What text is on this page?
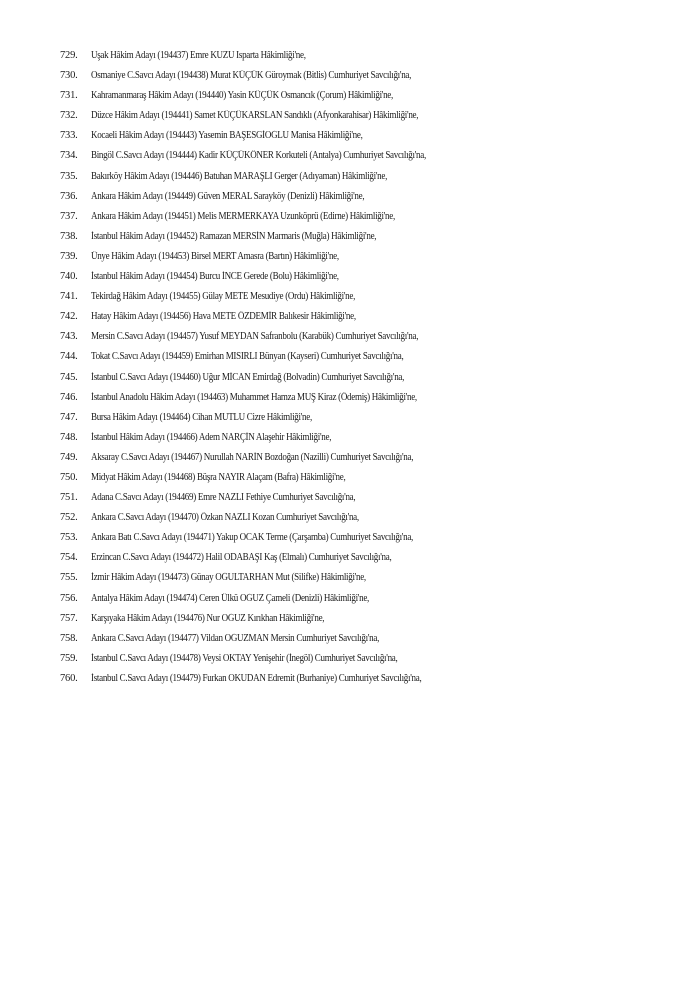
729.	Uşak Hâkim Adayı (194437) Emre KUZU Isparta Hâkimliği'ne,
730.	Osmaniye C.Savcı Adayı (194438) Murat KÜÇÜK Güroymak (Bitlis) Cumhuriyet Savcılığı'na,
731.	Kahramanmaraş Hâkim Adayı (194440) Yasin KÜÇÜK Osmancık (Çorum) Hâkimliği'ne,
732.	Düzce Hâkim Adayı (194441) Samet KÜÇÜKARSLAN Sandıklı (Afyonkarahisar) Hâkimliği'ne,
733.	Kocaeli Hâkim Adayı (194443) Yasemin BAŞESGİOĞLU Manisa Hâkimliği'ne,
734.	Bingöl C.Savcı Adayı (194444) Kadir KÜÇÜKÖNER Korkuteli (Antalya) Cumhuriyet Savcılığı'na,
735.	Bakırköy Hâkim Adayı (194446) Batuhan MARAŞLI Gerger (Adıyaman) Hâkimliği'ne,
736.	Ankara Hâkim Adayı (194449) Güven MERAL Sarayköy (Denizli) Hâkimliği'ne,
737.	Ankara Hâkim Adayı (194451) Melis MERMERKAYA Uzunköprü (Edirne) Hâkimliği'ne,
738.	İstanbul Hâkim Adayı (194452) Ramazan MERSİN Marmaris (Muğla) Hâkimliği'ne,
739.	Ünye Hâkim Adayı (194453) Birsel MERT Amasra (Bartın) Hâkimliği'ne,
740.	İstanbul Hâkim Adayı (194454) Burcu İNCE Gerede (Bolu) Hâkimliği'ne,
741.	Tekirdağ Hâkim Adayı (194455) Gülay METE Mesudiye (Ordu) Hâkimliği'ne,
742.	Hatay Hâkim Adayı (194456) Hava METE ÖZDEMİR Balıkesir Hâkimliği'ne,
743.	Mersin C.Savcı Adayı (194457) Yusuf MEYDAN Safranbolu (Karabük) Cumhuriyet Savcılığı'na,
744.	Tokat C.Savcı Adayı (194459) Emirhan MISIRLI Bünyan (Kayseri) Cumhuriyet Savcılığı'na,
745.	İstanbul C.Savcı Adayı (194460) Uğur MİCAN Emirdağ (Bolvadin) Cumhuriyet Savcılığı'na,
746.	İstanbul Anadolu Hâkim Adayı (194463) Muhammet Hamza MUŞ Kiraz (Ödemiş) Hâkimliği'ne,
747.	Bursa Hâkim Adayı (194464) Cihan MUTLU Cizre Hâkimliği'ne,
748.	İstanbul Hâkim Adayı (194466) Adem NARÇİN Alaşehir Hâkimliği'ne,
749.	Aksaray C.Savcı Adayı (194467) Nurullah NARİN Bozdoğan (Nazilli) Cumhuriyet Savcılığı'na,
750.	Midyat Hâkim Adayı (194468) Büşra NAYIR Alaçam (Bafra) Hâkimliği'ne,
751.	Adana C.Savcı Adayı (194469) Emre NAZLI Fethiye Cumhuriyet Savcılığı'na,
752.	Ankara C.Savcı Adayı (194470) Özkan NAZLI Kozan Cumhuriyet Savcılığı'na,
753.	Ankara Batı C.Savcı Adayı (194471) Yakup OCAK Terme (Çarşamba) Cumhuriyet Savcılığı'na,
754.	Erzincan C.Savcı Adayı (194472) Halil ODABAŞI Kaş (Elmalı) Cumhuriyet Savcılığı'na,
755.	İzmir Hâkim Adayı (194473) Günay OĞULTARHAN Mut (Silifke) Hâkimliği'ne,
756.	Antalya Hâkim Adayı (194474) Ceren Ülkü OĞUZ Çameli (Denizli) Hâkimliği'ne,
757.	Karşıyaka Hâkim Adayı (194476) Nur OĞUZ Kırıkhan Hâkimliği'ne,
758.	Ankara C.Savcı Adayı (194477) Vildan OĞUZMAN Mersin Cumhuriyet Savcılığı'na,
759.	İstanbul C.Savcı Adayı (194478) Veysi OKTAY Yenişehir (İnegöl) Cumhuriyet Savcılığı'na,
760.	İstanbul C.Savcı Adayı (194479) Furkan OKUDAN Edremit (Burhaniye) Cumhuriyet Savcılığı'na,
